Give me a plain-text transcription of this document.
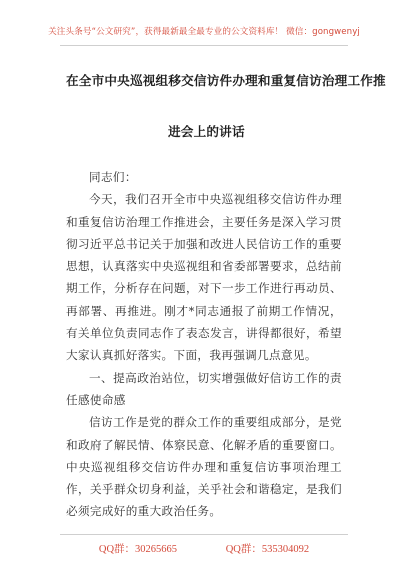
关注头条号“公文研究”，获得最新最全最专业的公文资料库！ 微信：gongwenyj
在全市中央巡视组移交信访件办理和重复信访治理工作推
进会上的讲话
同志们：
今天，我们召开全市中央巡视组移交信访件办理和重复信访治理工作推进会，主要任务是深入学习贯彻习近平总书记关于加强和改进人民信访工作的重要思想，认真落实中央巡视组和省委部署要求，总结前期工作，分析存在问题，对下一步工作进行再动员、再部署、再推进。刚才*同志通报了前期工作情况，有关单位负责同志作了表态发言，讲得都很好，希望大家认真抓好落实。下面，我再强调几点意见。
一、提高政治站位，切实增强做好信访工作的责任感使命感
信访工作是党的群众工作的重要组成部分，是党和政府了解民情、体察民意、化解矛盾的重要窗口。中央巡视组移交信访件办理和重复信访事项治理工作，关乎群众切身利益，关乎社会和谐稳定，是我们必须完成好的重大政治任务。
QQ群：30265665	QQ群：535304092
